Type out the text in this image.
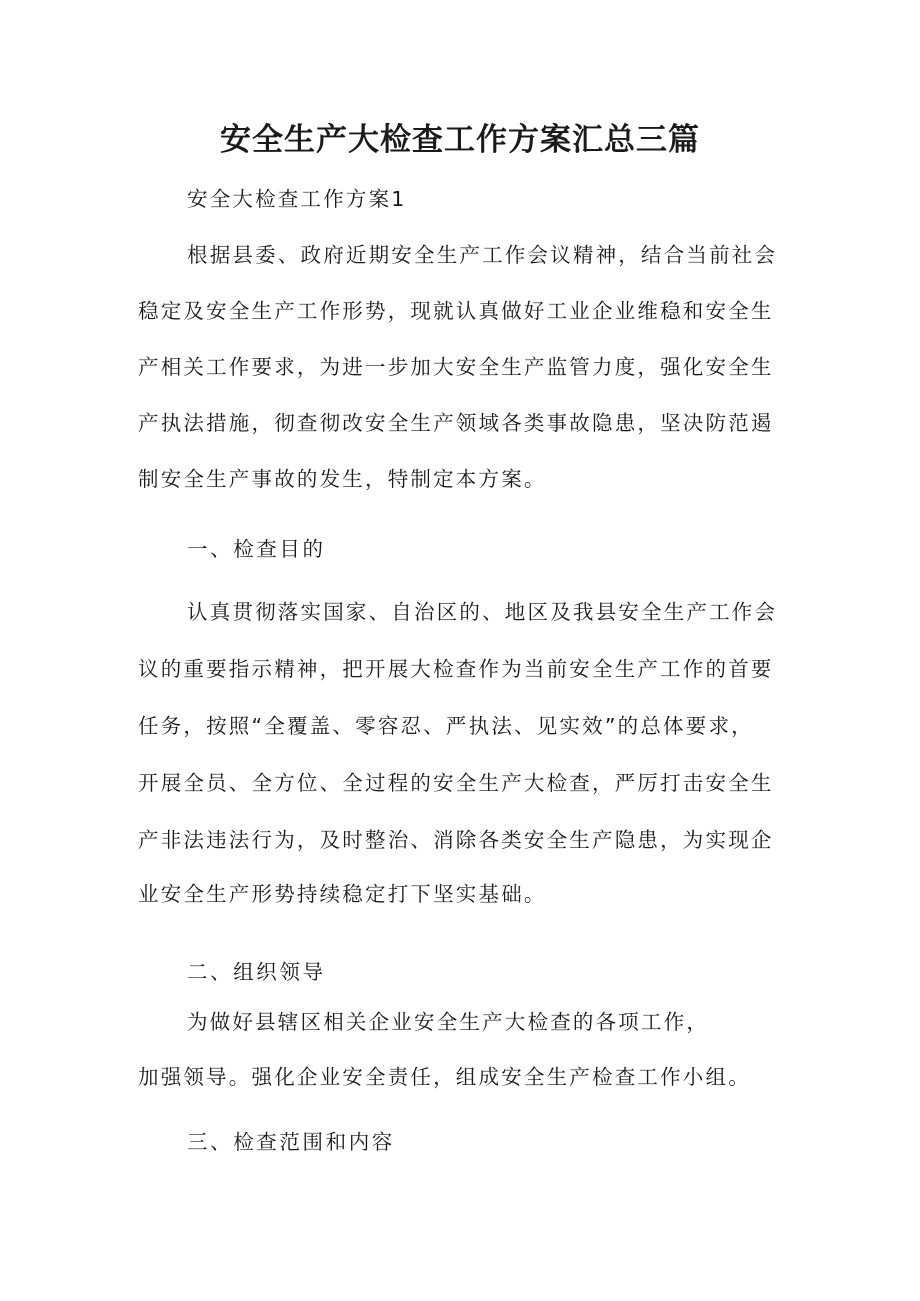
安全生产大检查工作方案汇总三篇

安全大检查工作方案1

根据县委、政府近期安全生产工作会议精神，结合当前社会

稳定及安全生产工作形势，现就认真做好工业企业维稳和安全生

产相关工作要求，为进一步加大安全生产监管力度，强化安全生

产执法措施，彻查彻改安全生产领域各类事故隐患，坚决防范遏

制安全生产事故的发生，特制定本方案。

一、检查目的

认真贯彻落实国家、自治区的、地区及我县安全生产工作会

议的重要指示精神，把开展大检查作为当前安全生产工作的首要

任务，按照“全覆盖、零容忍、严执法、见实效”的总体要求，

开展全员、全方位、全过程的安全生产大检查，严厉打击安全生

产非法违法行为，及时整治、消除各类安全生产隐患，为实现企

业安全生产形势持续稳定打下坚实基础。

二、组织领导

为做好县辖区相关企业安全生产大检查的各项工作，

加强领导。强化企业安全责任，组成安全生产检查工作小组。

三、检查范围和内容
